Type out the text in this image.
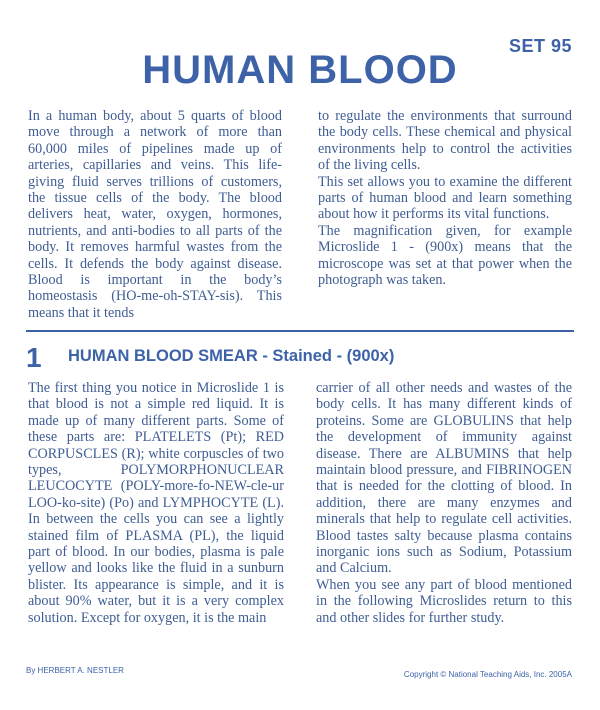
SET 95
HUMAN BLOOD

In a human body, about 5 quarts of blood move through a network of more than 60,000 miles of pipelines made up of arteries, capillaries and veins. This life-giving fluid serves trillions of customers, the tissue cells of the body. The blood delivers heat, water, oxygen, hormones, nutrients, and anti-bodies to all parts of the body. It removes harmful wastes from the cells. It defends the body against disease. Blood is important in the body’s homeostasis (HO-me-oh-STAY-sis). This means that it tends

to regulate the environments that surround the body cells. These chemical and physical environments help to control the activities of the living cells.

This set allows you to examine the different parts of human blood and learn something about how it performs its vital functions.

The magnification given, for example Microslide 1 - (900x) means that the microscope was set at that power when the photograph was taken.

1 HUMAN BLOOD SMEAR - Stained - (900x)

The first thing you notice in Microslide 1 is that blood is not a simple red liquid. It is made up of many different parts. Some of these parts are: PLATELETS (Pt); RED CORPUSCLES (R); white corpuscles of two types, POLYMORPHONUCLEAR LEUCOCYTE (POLY-more-fo-NEW-cle-ur LOO-ko-site) (Po) and LYMPHOCYTE (L). In between the cells you can see a lightly stained film of PLASMA (PL), the liquid part of blood. In our bodies, plasma is pale yellow and looks like the fluid in a sunburn blister. Its appearance is simple, and it is about 90% water, but it is a very complex solution. Except for oxygen, it is the main

carrier of all other needs and wastes of the body cells. It has many different kinds of proteins. Some are GLOBULINS that help the development of immunity against disease. There are ALBUMINS that help maintain blood pressure, and FIBRINOGEN that is needed for the clotting of blood. In addition, there are many enzymes and minerals that help to regulate cell activities. Blood tastes salty because plasma contains inorganic ions such as Sodium, Potassium and Calcium.

When you see any part of blood mentioned in the following Microslides return to this and other slides for further study.

By HERBERT A. NESTLER	Copyright © National Teaching Aids, Inc. 2005A
